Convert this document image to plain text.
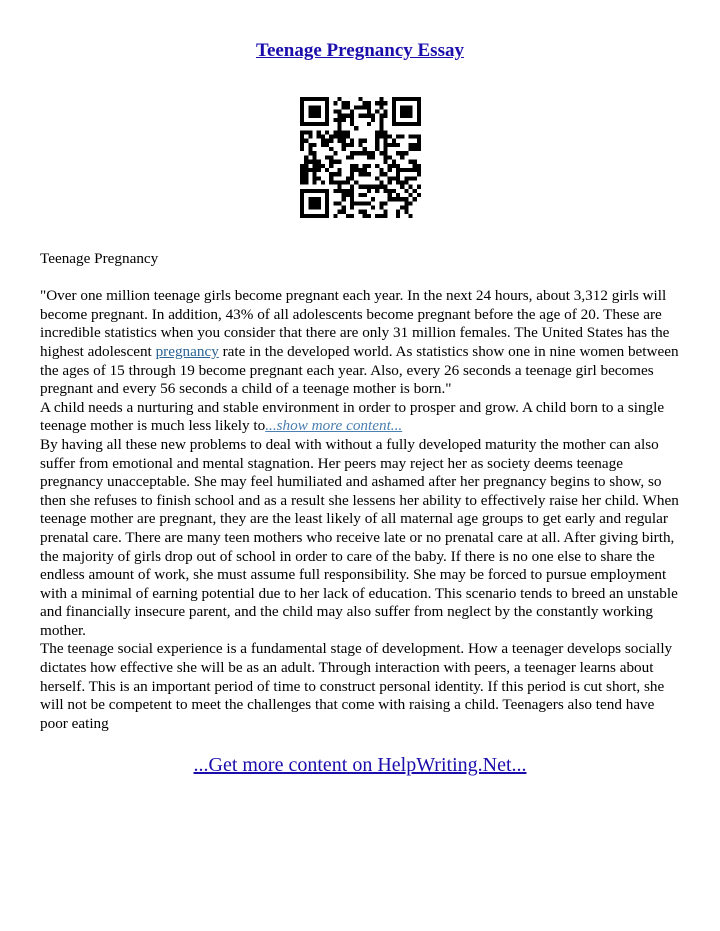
Teenage Pregnancy Essay

Teenage Pregnancy

"Over one million teenage girls become pregnant each year. In the next 24 hours, about 3,312 girls will become pregnant. In addition, 43% of all adolescents become pregnant before the age of 20. These are incredible statistics when you consider that there are only 31 million females. The United States has the highest adolescent pregnancy rate in the developed world. As statistics show one in nine women between the ages of 15 through 19 become pregnant each year. Also, every 26 seconds a teenage girl becomes pregnant and every 56 seconds a child of a teenage mother is born."

A child needs a nurturing and stable environment in order to prosper and grow. A child born to a single teenage mother is much less likely to...show more content...

By having all these new problems to deal with without a fully developed maturity the mother can also suffer from emotional and mental stagnation. Her peers may reject her as society deems teenage pregnancy unacceptable. She may feel humiliated and ashamed after her pregnancy begins to show, so then she refuses to finish school and as a result she lessens her ability to effectively raise her child. When teenage mother are pregnant, they are the least likely of all maternal age groups to get early and regular prenatal care. There are many teen mothers who receive late or no prenatal care at all. After giving birth, the majority of girls drop out of school in order to care of the baby. If there is no one else to share the endless amount of work, she must assume full responsibility. She may be forced to pursue employment with a minimal of earning potential due to her lack of education. This scenario tends to breed an unstable and financially insecure parent, and the child may also suffer from neglect by the constantly working mother.

The teenage social experience is a fundamental stage of development. How a teenager develops socially dictates how effective she will be as an adult. Through interaction with peers, a teenager learns about herself. This is an important period of time to construct personal identity. If this period is cut short, she will not be competent to meet the challenges that come with raising a child. Teenagers also tend have poor eating

...Get more content on HelpWriting.Net...
